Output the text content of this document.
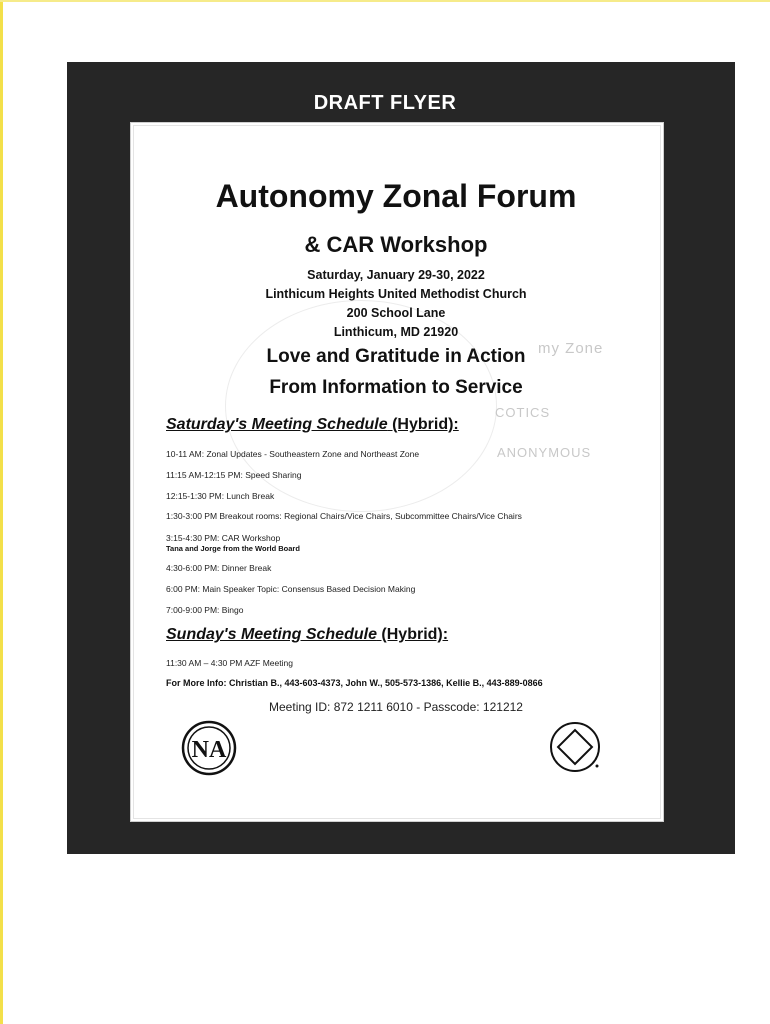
DRAFT FLYER
my Zone
COTICS
ANONYMOUS
Autonomy Zonal Forum
& CAR Workshop
Saturday, January 29-30, 2022
Linthicum Heights United Methodist Church
200 School Lane
Linthicum, MD 21920
Love and Gratitude in Action
From Information to Service
Saturday's Meeting Schedule (Hybrid):
10-11 AM: Zonal Updates - Southeastern Zone and Northeast Zone
11:15 AM-12:15 PM: Speed Sharing
12:15-1:30 PM: Lunch Break
1:30-3:00 PM Breakout rooms: Regional Chairs/Vice Chairs, Subcommittee Chairs/Vice Chairs
3:15-4:30 PM: CAR Workshop
Tana and Jorge from the World Board
4:30-6:00 PM: Dinner Break
6:00 PM: Main Speaker Topic: Consensus Based Decision Making
7:00-9:00 PM: Bingo
Sunday's Meeting Schedule (Hybrid):
11:30 AM – 4:30 PM AZF Meeting
For More Info: Christian B., 443-603-4373, John W., 505-573-1386, Kellie B., 443-889-0866
Meeting ID: 872 1211 6010 - Passcode: 121212
NA
